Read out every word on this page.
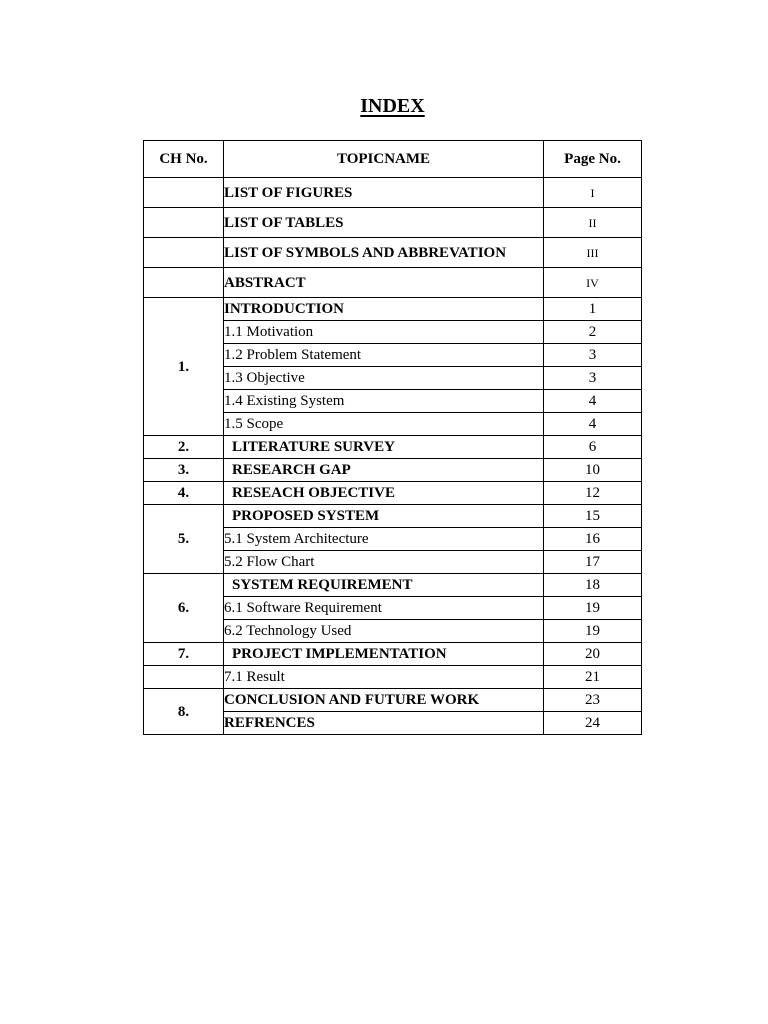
INDEX
CH No.	TOPICNAME	Page No.
	LIST OF FIGURES	I
	LIST OF TABLES	II
	LIST OF SYMBOLS AND ABBREVATION	III
	ABSTRACT	IV
1.	INTRODUCTION	1
	1.1 Motivation	2
	1.2 Problem Statement	3
	1.3 Objective	3
	1.4 Existing System	4
	1.5 Scope	4
2.	LITERATURE SURVEY	6
3.	RESEARCH GAP	10
4.	RESEACH OBJECTIVE	12
5.	PROPOSED SYSTEM	15
	5.1 System Architecture	16
	5.2 Flow Chart	17
6.	SYSTEM REQUIREMENT	18
	6.1 Software Requirement	19
	6.2 Technology Used	19
7.	PROJECT IMPLEMENTATION	20
	7.1 Result	21
8.	CONCLUSION AND FUTURE WORK	23
	REFRENCES	24
